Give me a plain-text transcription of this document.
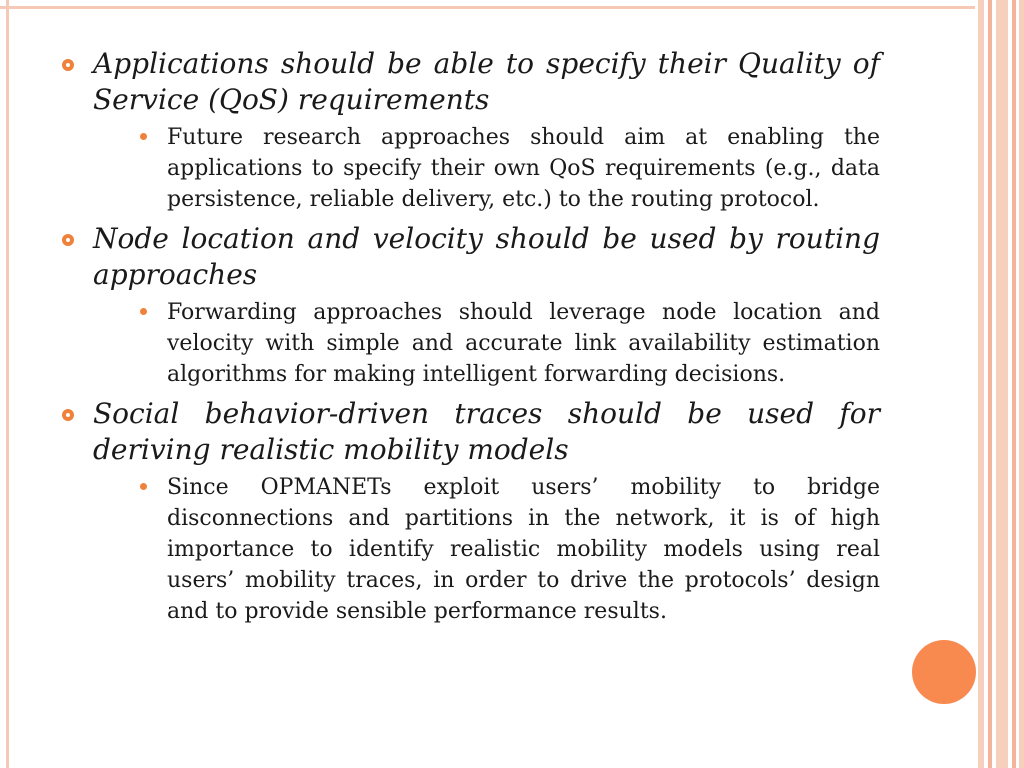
Applications should be able to specify their Quality of Service (QoS) requirements
Future research approaches should aim at enabling the applications to specify their own QoS requirements (e.g., data persistence, reliable delivery, etc.) to the routing protocol.
Node location and velocity should be used by routing approaches
Forwarding approaches should leverage node location and velocity with simple and accurate link availability estimation algorithms for making intelligent forwarding decisions.
Social behavior-driven traces should be used for deriving realistic mobility models
Since OPMANETs exploit users’ mobility to bridge disconnections and partitions in the network, it is of high importance to identify realistic mobility models using real users’ mobility traces, in order to drive the protocols’ design and to provide sensible performance results.
